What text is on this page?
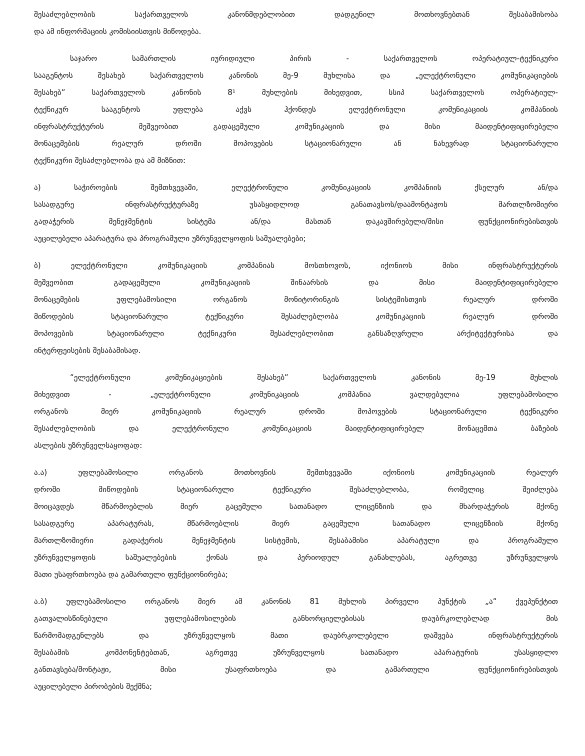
შესაძლებლობის საქართველოს კანონმდებლობით დადგენილ მოთხოვნებთან შესაბამისობა
და ამ ინფორმაციის კომისიისთვის მიწოდება.
საჯარო სამართლის იურიდიული პირის - საქართველოს ოპერატიულ-ტექნიკური
სააგენტოს შესახებ საქართველოს კანონის მე-9 მუხლისა და „ელექტრონული კომუნიკაციების
შესახებ“ საქართველოს კანონის 8¹ მუხლების მიხედვით, სსიპ საქართველოს ოპერატიულ-
ტექნიკურ სააგენტოს უფლება აქვს ჰქონდეს ელექტრონული კომუნიკაციის კომპანიის
ინფრასტრუქტურის მეშვეობით გადაცემული კომუნიკაციის და მისი მაიდენტიფიცირებელი
მონაცემების რეალურ დროში მოპოვების სტაციონარული ან ნახევრად სტაციონარული
ტექნიკური შესაძლებლობა და ამ მიზნით:
ა) საჭიროების შემთხვევაში, ელექტრონული კომუნიკაციის კომპანიის ქსელურ ან/და
სასადგურე ინფრასტრუქტურაზე უსასყიდლოდ განათავსოს/დაამონტაჟოს მართლზომიერი
გადაჭერის მენეჯმენტის სისტემა ან/და მასთან დაკავშირებული/მისი ფუნქციონირებისთვის
აუცილებელი აპარატურა და პროგრამული უზრუნველყოფის საშუალებები;
ბ) ელექტრონული კომუნიკაციის კომპანიას მოსთხოვოს, იქონიოს მისი ინფრასტრუქტურის
მეშვეობით გადაცემული კომუნიკაციის შინაარსის და მისი მაიდენტიფიცირებელი
მონაცემების უფლებამოსილი ორგანოს მონიტორინგის სისტემისთვის რეალურ დროში
მიწოდების სტაციონარული ტექნიკური შესაძლებლობა კომუნიკაციის რეალურ დროში
მოპოვების სტაციონარული ტექნიკური შესაძლებლობით განსაზღვრული არქიტექტურისა და
ინტერფეისების შესაბამისად.
“ელექტრონული კომუნიკაციების შესახებ“ საქართველოს კანონის მე-19 მუხლის
მიხედვით - „ელექტრონული კომუნიკაციის კომპანია ვალდებულია უფლებამოსილი
ორგანოს მიერ კომუნიკაციის რეალურ დროში მოპოვების სტაციონარული ტექნიკური
შესაძლებლობის და ელექტრონული კომუნიკაციის მაიდენტიფიცირებელ მონაცემთა ბაზების
ასლების უზრუნველსაყოფად:
ა.ა) უფლებამოსილი ორგანოს მოთხოვნის შემთხვევაში იქონიოს კომუნიკაციის რეალურ
დროში მიწოდების სტაციონარული ტექნიკური შესაძლებლობა, რომელიც შეიძლება
მოიცავდეს მწარმოებლის მიერ გაცემული სათანადო ლიცენზიის და მხარდაჭერის მქონე
სასადგურე აპარატურას, მწარმოებლის მიერ გაცემული სათანადო ლიცენზიის მქონე
მართლზომიერი გადაჭერის მენეჯმენტის სისტემის, შესაბამისი აპარატული და პროგრამული
უზრუნველყოფის საშუალებების ქონას და პერიოდულ განახლებას, აგრეთვე უზრუნველყოს
მათი უსაფრთხოება და გამართული ფუნქციონირება;
ა.ბ) უფლებამოსილი ორგანოს მიერ ამ კანონის 81 მუხლის პირველი პუნქტის „ა“ ქვეპუნქტით
გათვალისწინებული უფლებამოსილების განხორციელებისას დაუბრკოლებლად მის
წარმომადგენლებს და უზრუნველყოს მათი დაუბრკოლებელი დაშვება ინფრასტრუქტურის
შესაბამის კომპონენტებთან, აგრეთვე უზრუნველყოს სათანადო აპარატურის უსასყიდლო
განთავსება/მონტაჟი, მისი უსაფრთხოება და გამართული ფუნქციონირებისთვის
აუცილებელი პირობების შექმნა;
